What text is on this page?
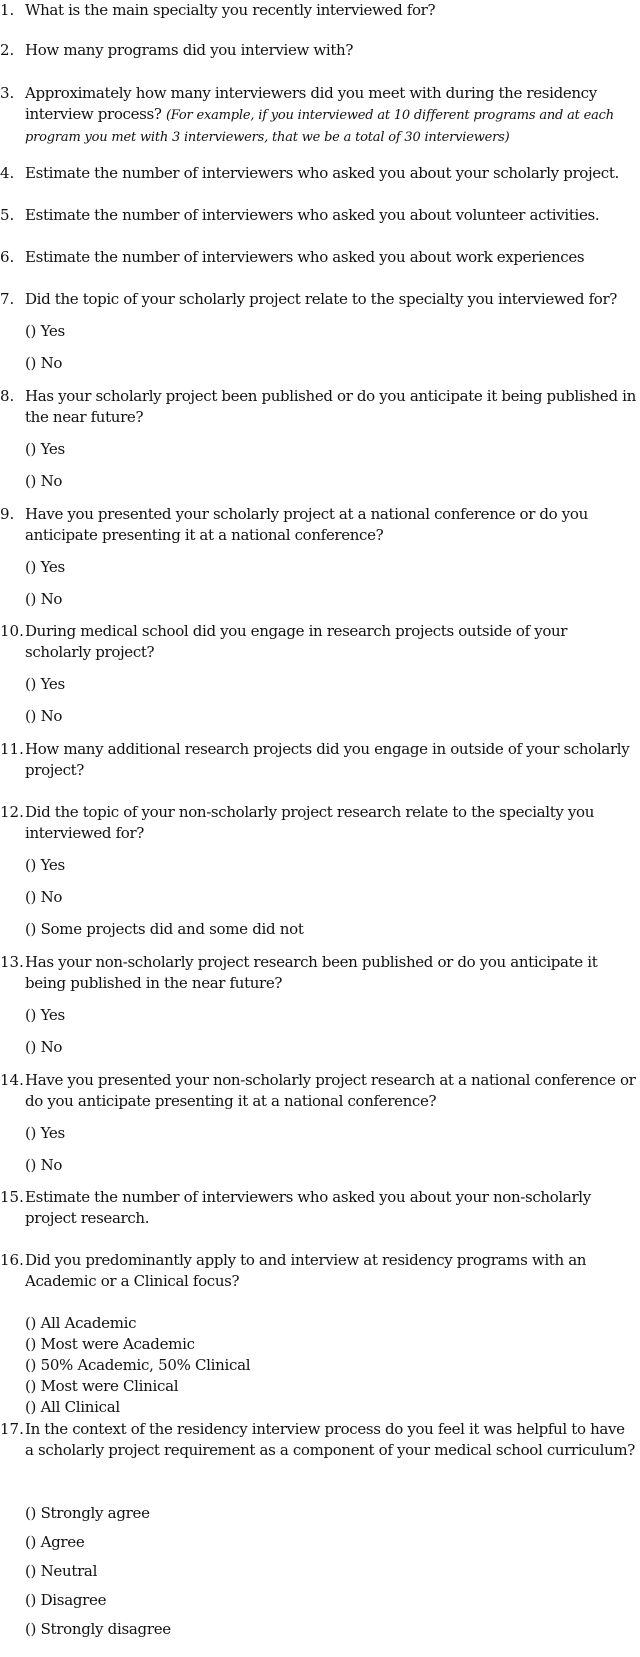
1. What is the main specialty you recently interviewed for?
2. How many programs did you interview with?
3. Approximately how many interviewers did you meet with during the residency interview process? (For example, if you interviewed at 10 different programs and at each program you met with 3 interviewers, that we be a total of 30 interviewers)
4. Estimate the number of interviewers who asked you about your scholarly project.
5. Estimate the number of interviewers who asked you about volunteer activities.
6. Estimate the number of interviewers who asked you about work experiences
7. Did the topic of your scholarly project relate to the specialty you interviewed for?
() Yes
() No
8. Has your scholarly project been published or do you anticipate it being published in the near future?
() Yes
() No
9. Have you presented your scholarly project at a national conference or do you anticipate presenting it at a national conference?
() Yes
() No
10. During medical school did you engage in research projects outside of your scholarly project?
() Yes
() No
11. How many additional research projects did you engage in outside of your scholarly project?
12. Did the topic of your non-scholarly project research relate to the specialty you interviewed for?
() Yes
() No
() Some projects did and some did not
13. Has your non-scholarly project research been published or do you anticipate it being published in the near future?
() Yes
() No
14. Have you presented your non-scholarly project research at a national conference or do you anticipate presenting it at a national conference?
() Yes
() No
15. Estimate the number of interviewers who asked you about your non-scholarly project research.
16. Did you predominantly apply to and interview at residency programs with an Academic or a Clinical focus?
() All Academic
() Most were Academic
() 50% Academic, 50% Clinical
() Most were Clinical
() All Clinical
17. In the context of the residency interview process do you feel it was helpful to have a scholarly project requirement as a component of your medical school curriculum?
() Strongly agree
() Agree
() Neutral
() Disagree
() Strongly disagree
